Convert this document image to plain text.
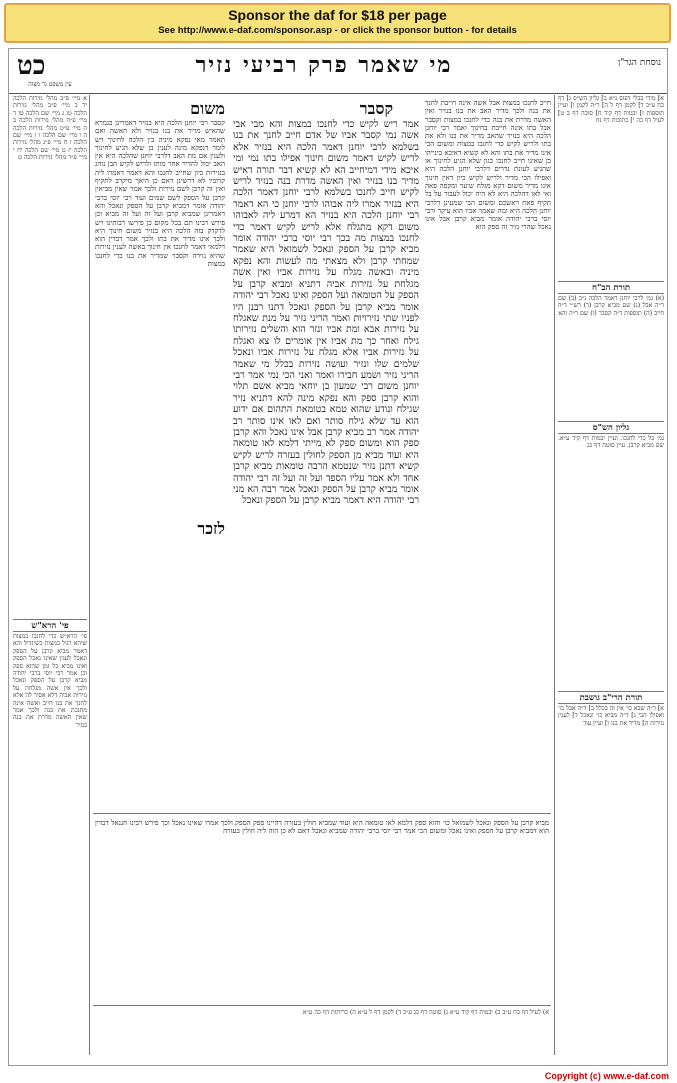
Sponsor the daf for $18 per page
See http://www.e-daf.com/sponsor.asp - or click the sponsor button - for details
כט	מי שאמר פרק רביעי נזיר	נוסחת הגר"ן
עין משפט נר מצוה
א מיי׳ פ״ב מהל׳ נזירות הלכה יד ב מיי׳ פ״ב מהל׳ נזירות הלכה טו ג מיי׳ שם הלכה טז ד מיי׳ פ״ח מהל׳ נזירות הלכה ב ה מיי׳ פ״ט מהל׳ נזירות הלכה ה ו מיי׳ שם הלכה ו ז מיי׳ שם הלכה ז ח מיי׳ פ״ג מהל׳ נזירות הלכה יז ט מיי׳ שם הלכה יח י מיי׳ פ״ד מהל׳ נזירות הלכה ט
פי' הרא"ש
פי׳ הרא״ש כדי לחנכו במצות שיהא רגיל במצות כשיגדיל והא דאמר מביא קרבן על הספק ונאכל לענין שאינו נאכל הספק ואינו מביא כל זמן שהוא ספק וכן אמר רבי יוסי ברבי יהודה מביא קרבן על הספק ונאכל ולכך אין אשה מגלחת על נזירות אביה דלא אסיר לה אלא לחנך את בנו חייב ואשה אינה מחנכת את בנה ולכך אמר שאין האשה מדרת את בנה בנזיר
משום
קסבר רבי יוחנן הלכה היא בנזיר דאמרינן בגמרא שהאיש מדיר את בנו בנזיר ולא האשה ואם תאמר מאי נפקא מיניה בין הלכה לחינוך ויש לומר דנפקא מינה לענין בן שלא הגיע לחינוך ולענין אם מת האב דלרבי יוחנן שהלכה היא אין האב יכול להדיר אחר מותו ולריש לקיש הבן נוהג בנזירות כיון שחייב לחנכו והא דאמר דאמרו ליה קרוביו לא דרשינן דאם כן היאך מיקרב לתקיף ואין זה קרבן לשם נזירות ולכך אמר שאין מביאין קרבן על הספק לשם שמים ועוד רבי יוסי ברבי יהודה אומר דמביא קרבן על הספק ונאכל והא דאמרינן שמביא קרבן ועל זה ועל זה מביא וכן פירש רבינו תם בכל מקום כן פירשו רבותינו ויש לדקדק בזה הלכה היא בנזיר משום חינוך היא ולכך אינו מדיר את בתו ולכך אמר דבדין הוא דלמאי דאמר לחנכו אין חינוך באשה לענין נזירות שהיא נזירה וקסבר שמדיר את בנו כדי לחנכו במצות
לזכר
קסבר
אמר ריש לקיש כדי לחנכו במצות והא מבי אבי אשה נמי קסבר אביו של אדם חייב לחנך את בנו בשלמא לרבי יוחנן דאמר הלכה היא בנזיר אלא לריש לקיש דאמר משום חינוך אפילו בתו נמי ומי איכא מידי דמיחייב הא לא קשיא דבר תורה דאיש מדיר בנו בנזיר ואין האשה מדרת בנה בנזיר לריש לקיש חייב לחנכו בשלמא לרבי יוחנן דאמר הלכה היא בנזיר אמרו ליה אבוהו לרבי יוחנן כי הא דאמר רבי יוחנן הלכה היא בנזיר הא דמרע ליה לאבוהו משום דקא מתגלח אלא לריש לקיש דאמר כדי לחנכו במצות מה בכך רבי יוסי ברבי יהודה אומר מביא קרבן על הספק ונאכל לשמואל היא שאמר שמחתי קרבן ולא מצאתי מה לעשות והא נפקא מיניה ובאשה מגלח על נזירות אביו ואין אשה מגלחת על נזירות אביה דתניא ומביא קרבן על הספק על הטומאה ועל הספק ואינו נאכל רבי יהודה אומר מביא קרבן על הספק ונאכל דתנו רבנן היו לפניו שתי נזירויות ואמר הריני נזיר על מנת שאגלח על נזירות אבא ומת אביו ונזר הוא והשלים נזירותו גילח ואחר כך מת אביו אין אומרים לו צא ואגלח על נזירות אביו אלא מגלח על נזירות אביו ונאכל שלמים שלו ונזיר ועושה נזירות בכלל מי שאמר הריני נזיר ושמע חבירו ואמר ואני הכי נמי אמר רבי יוחנן משום רבי שמעון בן יוחאי מביא אשם תלוי והוא קרבן ספק והא נפקא מינה להא דתניא נזיר שגילח ונודע שהוא טמא בטומאת התהום אם ידוע הוא עד שלא גילח סותר ואם לאו אינו סותר רב יהודה אמר רב מביא קרבן אבל אינו נאכל והא קרבן ספק הוא ומשום ספק לא מייתי דלמא לאו טומאה היא ועוד מביא מן הספק לחולין בעזרה לריש לקיש קשיא דתנן נזיר שנטמא הרבה טומאות מביא קרבן אחד ולא אמר עליו הספד ועל זה ועל זה רבי יהודה אומר מביא קרבן על הספק ונאכל אמר רבה הא מני רבי יהודה היא דאמר מביא קרבן על הספק ונאכל
חייב לחנכו במצות אבל אשה אינה חייבת לחנך את בנה ולכך מדיר האב את בנו בנזיר ואין האשה מדרת את בנה כדי לחנכו במצות וקסבר אבל בתו אינה חייבת בחינוך ואמר רבי יוחנן הלכה היא בנזיר שהאב מדיר את בנו ולא את בתו ולריש לקיש כדי לחנכו במצות ומשום הכי אינו מדיר את בתו והא לא קשיא דאיכא בינייהו בן שאינו חייב לחנכו כגון שלא הגיע לחינוך או שהגיע לעונת נדרים דלרבי יוחנן הלכה היא ואפילו הכי מדיר ולריש לקיש כיון דאין חינוך אינו מדיר משום דקא מגלח שיער ומקפה פאה ואי לאו דהלכה היא לא היה יכול לעבור על בל תקיף פאת ראשכם ומשום הכי שמעינן דלרבי יוחנן הלכה היא ומה שאמר אביו הוא עיקר ורבי יוסי ברבי יהודה אומר מביא קרבן אבל אינו נאכל שהרי נזיר זה ספק הוא
א] מידי בבלי דפוס נ״א ב] גליון הש״ס ג] דף כח ע״ב ד] לקמן דף ל ה] ר״ה לקמן ו] ועיין תוספות ז] יבמות דף קיד ח] סוכה דף ב ט] לעיל דף כה י] כתובות דף נח
תורת הב"ח
(א) גמ׳ לרבי יוחנן דאמר הלכה נ״ב (ב) שם ר״ה אבל (ג) שם מביא קרבן (ד) רש״י ד״ה חייב (ה) תוספות ד״ה קסבר (ו) שם ר״ה והא
גליון הש"ס
גמ׳ כל כדי לחנכו. ועיין יבמות דף קיד ע״א. שם מביא קרבן. עיין סוטה דף כג
תורת הרי"ב גושבת
א] ד״ה שבא כו׳ אין זה בכלל ב] ד״ה אבל כו׳ ואפילו הכי ג] ד״ה מביא כו׳ ונאכל ד] לענין נזירות ה] מדיר את בנו ו] ועיין עוד
מביא קרבן על הספק ונאכל לשמואל כו׳ והוא ספק דלמא לאו טומאה היא ועוד שמביא חולין בעזרה דהיינו ספק הספק ולכך אמרו שאינו נאכל וכך פירש רבינו חננאל דבדין הוא דמביא קרבן על הספק ואינו נאכל ומשום הכי אמר רבי יוסי ברבי יהודה שמביא ונאכל דאם לא כן הוה ליה חולין בעזרה
א) לעיל דף כח ע״ב ב) יבמות דף קיד ע״א ג) סוטה דף כג ע״ב ד) לקמן דף ל ע״א ה) כריתות דף כה ע״א
Copyright (c) www.e-daf.com
